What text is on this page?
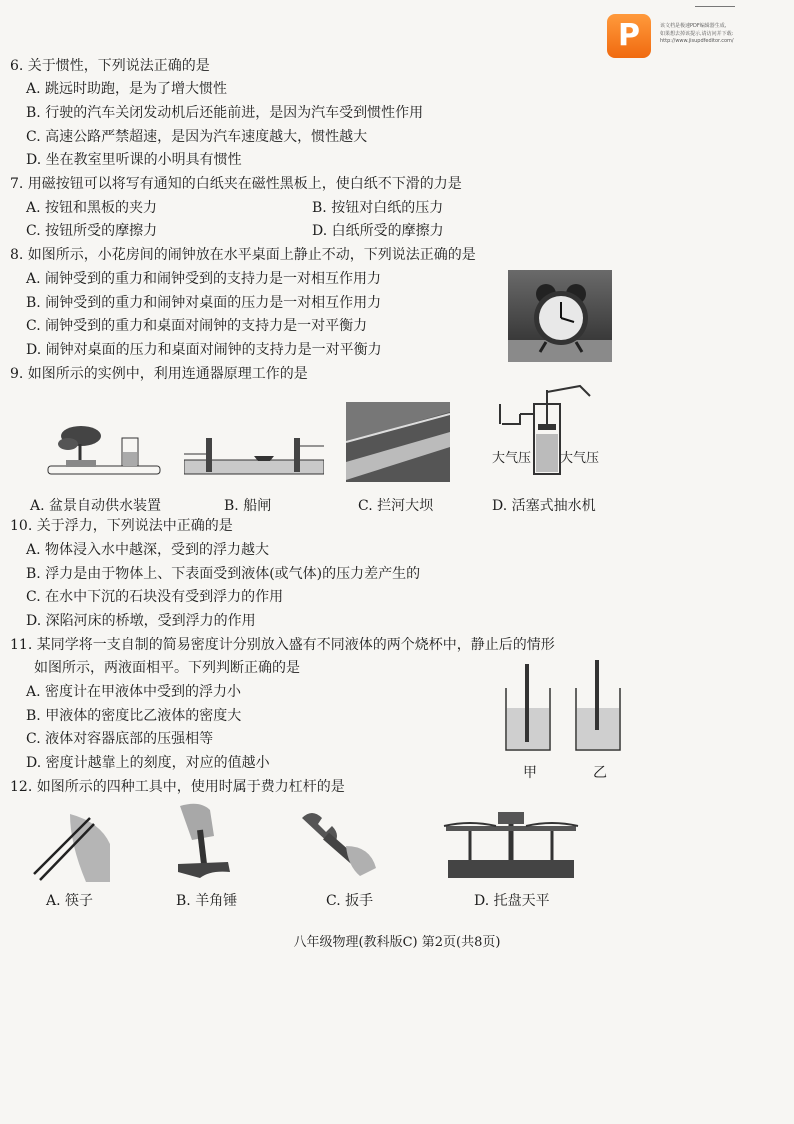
P	该文档是极速PDF编辑器生成,
如果想去掉该提示,请访问并下载:
http://www.jisupdfeditor.com/
6. 关于惯性，下列说法正确的是
A. 跳远时助跑，是为了增大惯性
B. 行驶的汽车关闭发动机后还能前进，是因为汽车受到惯性作用
C. 高速公路严禁超速，是因为汽车速度越大，惯性越大
D. 坐在教室里听课的小明具有惯性
7. 用磁按钮可以将写有通知的白纸夹在磁性黑板上，使白纸不下滑的力是
A. 按钮和黑板的夹力	B. 按钮对白纸的压力
C. 按钮所受的摩擦力	D. 白纸所受的摩擦力
8. 如图所示，小花房间的闹钟放在水平桌面上静止不动，下列说法正确的是
A. 闹钟受到的重力和闹钟受到的支持力是一对相互作用力
B. 闹钟受到的重力和闹钟对桌面的压力是一对相互作用力
C. 闹钟受到的重力和桌面对闹钟的支持力是一对平衡力
D. 闹钟对桌面的压力和桌面对闹钟的支持力是一对平衡力
9. 如图所示的实例中，利用连通器原理工作的是
A. 盆景自动供水装置	B. 船闸	C. 拦河大坝
大气压 大气压
D. 活塞式抽水机
10. 关于浮力，下列说法中正确的是
A. 物体浸入水中越深，受到的浮力越大
B. 浮力是由于物体上、下表面受到液体(或气体)的压力差产生的
C. 在水中下沉的石块没有受到浮力的作用
D. 深陷河床的桥墩，受到浮力的作用
11. 某同学将一支自制的简易密度计分别放入盛有不同液体的两个烧杯中，静止后的情形
如图所示，两液面相平。下列判断正确的是
A. 密度计在甲液体中受到的浮力小
B. 甲液体的密度比乙液体的密度大
C. 液体对容器底部的压强相等
D. 密度计越靠上的刻度，对应的值越小
甲	乙
12. 如图所示的四种工具中，使用时属于费力杠杆的是
A. 筷子	B. 羊角锤	C. 扳手	D. 托盘天平
八年级物理(教科版C) 第2页(共8页)
